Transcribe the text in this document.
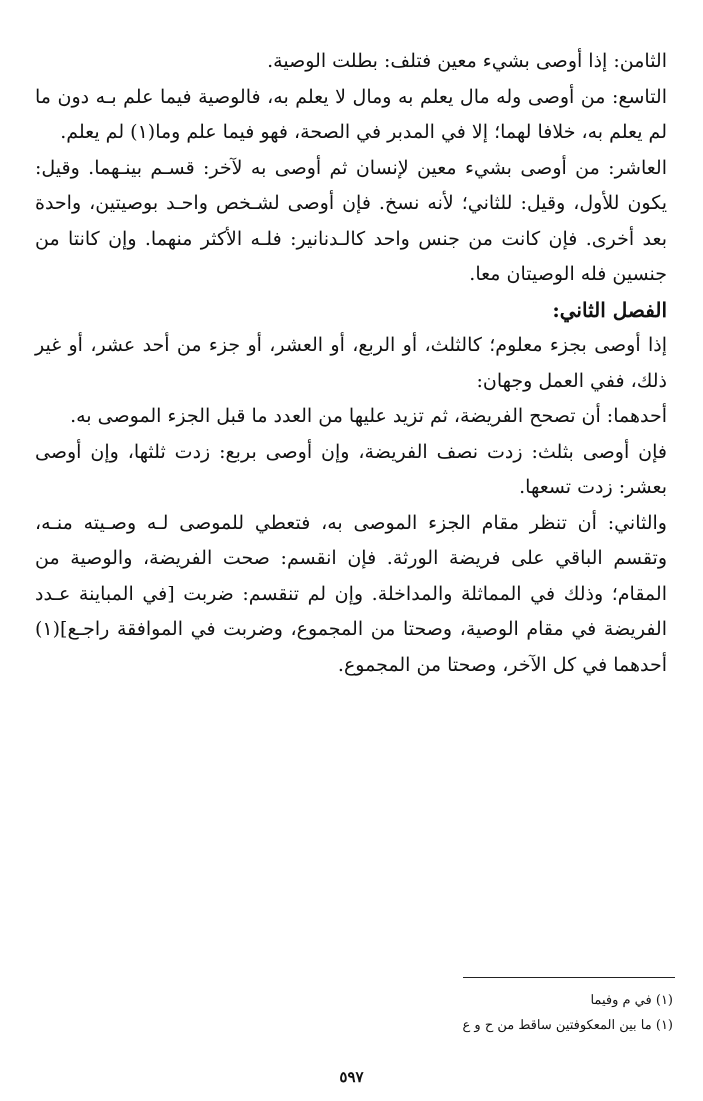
الثامن: إذا أوصى بشيء معين فتلف: بطلت الوصية.

التاسع: من أوصى وله مال يعلم به ومال لا يعلم به، فالوصية فيما علم بـه دون ما لم يعلم به، خلافا لهما؛ إلا في المدبر في الصحة، فهو فيما علم وما(١) لم يعلم.

العاشر: من أوصى بشيء معين لإنسان ثم أوصى به لآخر: قسـم بينـهما. وقيل: يكون للأول، وقيل: للثاني؛ لأنه نسخ. فإن أوصى لشـخص واحـد بوصيتين، واحدة بعد أخرى. فإن كانت من جنس واحد كالـدنانير: فلـه الأكثر منهما. وإن كانتا من جنسين فله الوصيتان معا.

الفصل الثاني:

إذا أوصى بجزء معلوم؛ كالثلث، أو الربع، أو العشر، أو جزء من أحد عشر، أو غير ذلك، ففي العمل وجهان:

أحدهما: أن تصحح الفريضة، ثم تزيد عليها من العدد ما قبل الجزء الموصى به.

فإن أوصى بثلث: زدت نصف الفريضة، وإن أوصى بربع: زدت ثلثها، وإن أوصى بعشر: زدت تسعها.

والثاني: أن تنظر مقام الجزء الموصى به، فتعطي للموصى لـه وصـيته منـه، وتقسم الباقي على فريضة الورثة. فإن انقسم: صحت الفريضة، والوصية من المقام؛ وذلك في المماثلة والمداخلة. وإن لم تنقسم: ضربت [في المباينة عـدد الفريضة في مقام الوصية، وصحتا من المجموع، وضربت في الموافقة راجـع](١) أحدهما في كل الآخر، وصحتا من المجموع.

(١) في م وفيما

(١) ما بين المعكوفتين ساقط من ح و ع

٥٩٧
